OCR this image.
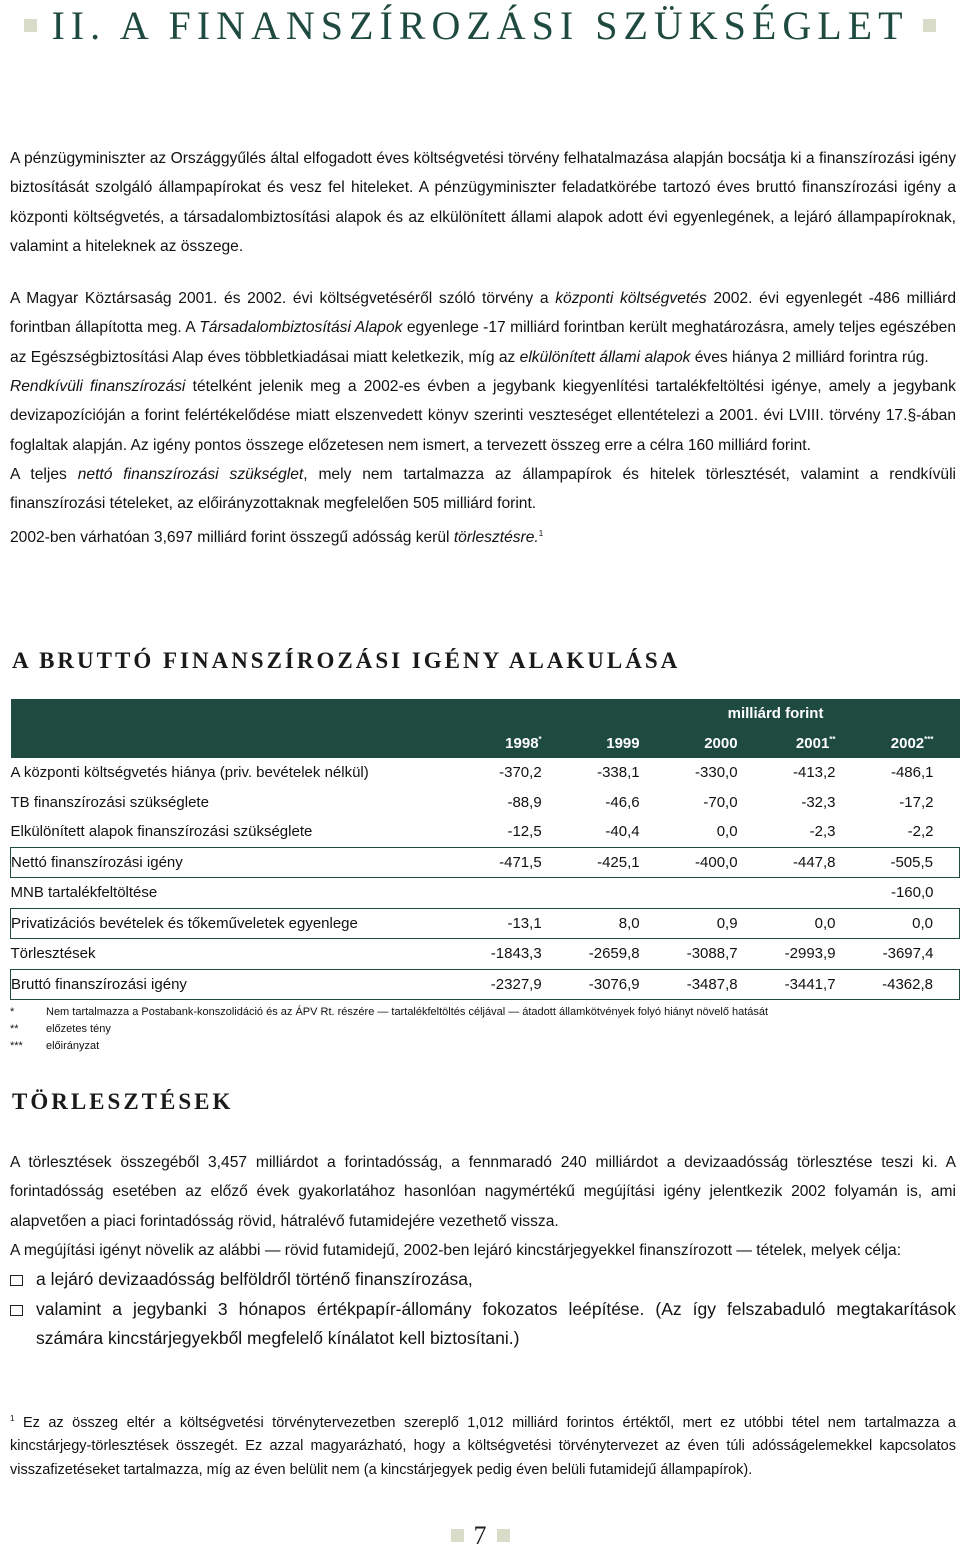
II. A FINANSZÍROZÁSI SZÜKSÉGLET

A pénzügyminiszter az Országgyűlés által elfogadott éves költségvetési törvény felhatalmazása alapján bocsátja ki a finanszírozási igény biztosítását szolgáló állampapírokat és vesz fel hiteleket. A pénzügyminiszter feladatkörébe tartozó éves bruttó finanszírozási igény a központi költségvetés, a társadalombiztosítási alapok és az elkülönített állami alapok adott évi egyenlegének, a lejáró állampapíroknak, valamint a hiteleknek az összege.

A Magyar Köztársaság 2001. és 2002. évi költségvetéséről szóló törvény a központi költségvetés 2002. évi egyenlegét -486 milliárd forintban állapította meg. A Társadalombiztosítási Alapok egyenlege -17 milliárd forintban került meghatározásra, amely teljes egészében az Egészségbiztosítási Alap éves többletkiadásai miatt keletkezik, míg az elkülönített állami alapok éves hiánya 2 milliárd forintra rúg.

Rendkívüli finanszírozási tételként jelenik meg a 2002-es évben a jegybank kiegyenlítési tartalékfeltöltési igénye, amely a jegybank devizapozícióján a forint felértékelődése miatt elszenvedett könyv szerinti veszteséget ellentételezi a 2001. évi LVIII. törvény 17.§-ában foglaltak alapján. Az igény pontos összege előzetesen nem ismert, a tervezett összeg erre a célra 160 milliárd forint.

A teljes nettó finanszírozási szükséglet, mely nem tartalmazza az állampapírok és hitelek törlesztését, valamint a rendkívüli finanszírozási tételeket, az előirányzottaknak megfelelően 505 milliárd forint.

2002-ben várhatóan 3,697 milliárd forint összegű adósság kerül törlesztésre.$^1$

A BRUTTÓ FINANSZÍROZÁSI IGÉNY ALAKULÁSA
			milliárd forint		
	1998*	1999	2000	2001**	2002***
A központi költségvetés hiánya (priv. bevételek nélkül)	-370,2	-338,1	-330,0	-413,2	-486,1
TB finanszírozási szükséglete	-88,9	-46,6	-70,0	-32,3	-17,2
Elkülönített alapok finanszírozási szükséglete	-12,5	-40,4	0,0	-2,3	-2,2
Nettó finanszírozási igény	-471,5	-425,1	-400,0	-447,8	-505,5
MNB tartalékfeltöltése					-160,0
Privatizációs bevételek és tőkeműveletek egyenlege	-13,1	8,0	0,9	0,0	0,0
Törlesztések	-1843,3	-2659,8	-3088,7	-2993,9	-3697,4
Bruttó finanszírozási igény	-2327,9	-3076,9	-3487,8	-3441,7	-4362,8
*	Nem tartalmazza a Postabank-konszolidáció és az ÁPV Rt. részére — tartalékfeltöltés céljával — átadott államkötvények folyó hiányt növelő hatását
** előzetes tény
*** előirányzat
TÖRLESZTÉSEK

A törlesztések összegéből 3,457 milliárdot a forintadósság, a fennmaradó 240 milliárdot a devizaadósság törlesztése teszi ki. A forintadósság esetében az előző évek gyakorlatához hasonlóan nagymértékű megújítási igény jelentkezik 2002 folyamán is, ami alapvetően a piaci forintadósság rövid, hátralévő futamidejére vezethető vissza.

A megújítási igényt növelik az alábbi — rövid futamidejű, 2002-ben lejáró kincstárjegyekkel finanszírozott — tételek, melyek célja:

a lejáró devizaadósság belföldről történő finanszírozása,
valamint a jegybanki 3 hónapos értékpapír-állomány fokozatos leépítése. (Az így felszabaduló megtakarítások számára kincstárjegyekből megfelelő kínálatot kell biztosítani.)
$^1$ Ez az összeg eltér a költségvetési törvénytervezetben szereplő 1,012 milliárd forintos értéktől, mert ez utóbbi tétel nem tartalmazza a kincstárjegy-törlesztések összegét. Ez azzal magyarázható, hogy a költségvetési törvénytervezet az éven túli adósságelemekkel kapcsolatos visszafizetéseket tartalmazza, míg az éven belülit nem (a kincstárjegyek pedig éven belüli futamidejű állampapírok).
7
